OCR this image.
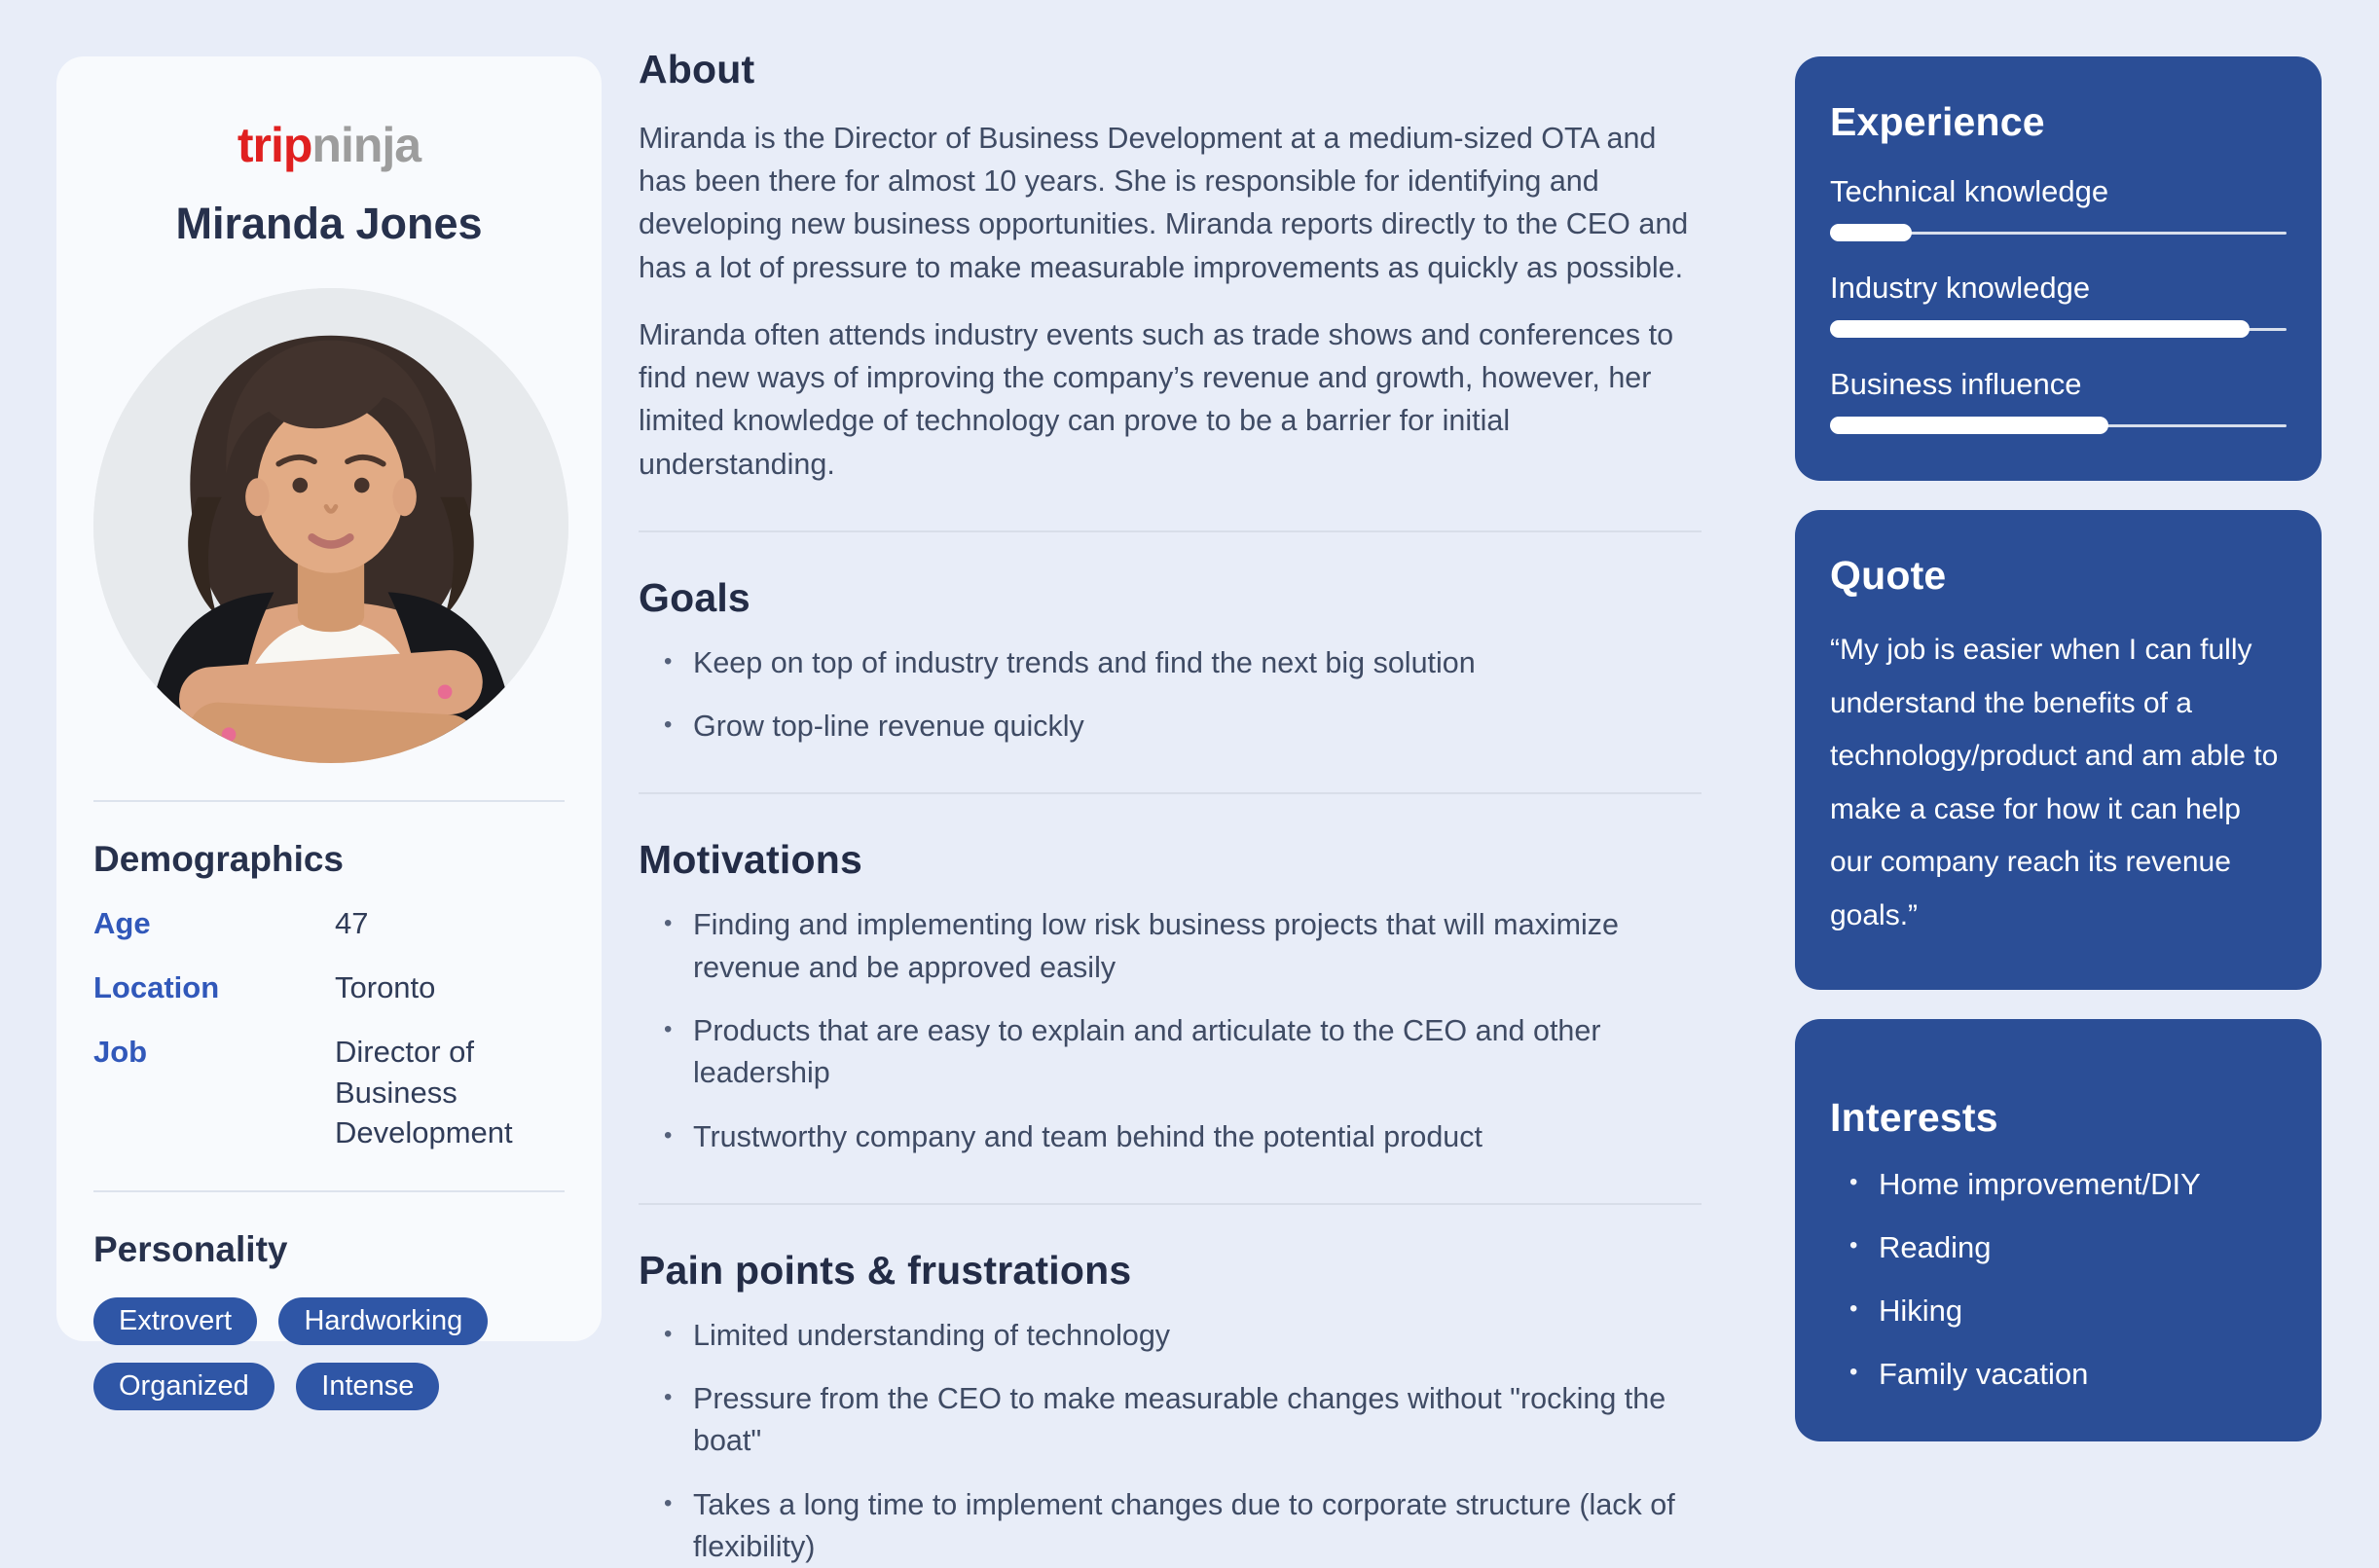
tripninja
Miranda Jones
Demographics
Age	47
Location	Toronto
Job	Director of Business Development
Personality
Extrovert	Hardworking Organized	Intense
About

Miranda is the Director of Business Development at a medium-sized OTA and has been there for almost 10 years. She is responsible for identifying and developing new business opportunities. Miranda reports directly to the CEO and has a lot of pressure to make measurable improvements as quickly as possible.

Miranda often attends industry events such as trade shows and conferences to find new ways of improving the company’s revenue and growth, however, her limited knowledge of technology can prove to be a barrier for initial understanding.

Goals
• Keep on top of industry trends and find the next big solution
• Grow top-line revenue quickly
Motivations
• Finding and implementing low risk business projects that will maximize revenue and be approved easily
• Products that are easy to explain and articulate to the CEO and other leadership
• Trustworthy company and team behind the potential product
Pain points & frustrations
• Limited understanding of technology
• Pressure from the CEO to make measurable changes without "rocking the boat"
• Takes a long time to implement changes due to corporate structure (lack of flexibility)
Experience
Technical knowledge
Industry knowledge
Business influence
Quote

“My job is easier when I can fully understand the benefits of a technology/product and am able to make a case for how it can help our company reach its revenue goals.”

Interests
• Home improvement/DIY
• Reading
• Hiking
• Family vacation
